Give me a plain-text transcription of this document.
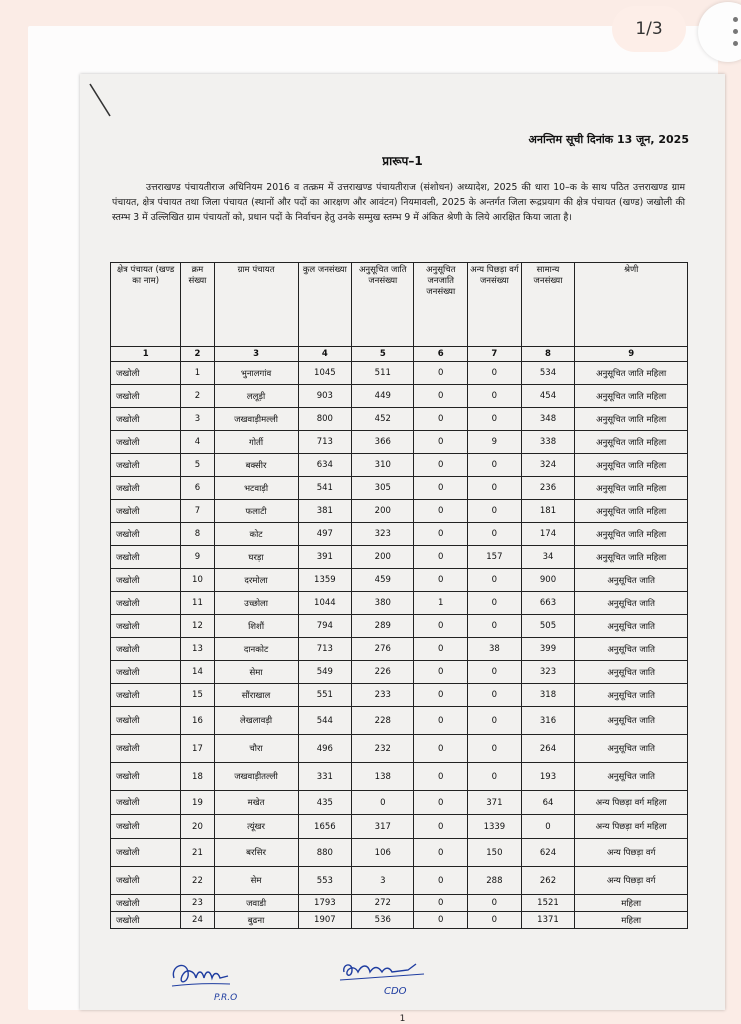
अनन्तिम सूची दिनांक 13 जून, 2025
प्रारूप–1
उत्तराखण्ड पंचायतीराज अधिनियम 2016 व तत्क्रम में उत्तराखण्ड पंचायतीराज (संशोधन) अध्यादेश, 2025 की धारा 10–क के साथ पठित उत्तराखण्ड ग्राम पंचायत, क्षेत्र पंचायत तथा जिला पंचायत (स्थानों और पदों का आरक्षण और आवंटन) नियमावली, 2025 के अन्तर्गत जिला रूद्रप्रयाग की क्षेत्र पंचायत (खण्ड) जखोली की स्तम्भ 3 में उल्लिखित ग्राम पंचायतों को, प्रधान पदों के निर्वाचन हेतु उनके सम्मुख स्तम्भ 9 में अंकित श्रेणी के लिये आरक्षित किया जाता है।
क्षेत्र पंचायत (खण्ड का नाम)	क्रम संख्या	ग्राम पंचायत	कुल जनसंख्या	अनुसूचित जाति जनसंख्या	अनुसूचित जनजाति जनसंख्या	अन्य पिछड़ा वर्ग जनसंख्या	सामान्य जनसंख्या	श्रेणी
1	2	3	4	5	6	7	8	9
जखोली	1	भुनालगांव	1045	511	0	0	534	अनुसूचित जाति महिला
जखोली	2	ललूड़ी	903	449	0	0	454	अनुसूचित जाति महिला
जखोली	3	जखवाड़ीमल्ली	800	452	0	0	348	अनुसूचित जाति महिला
जखोली	4	गोर्ती	713	366	0	9	338	अनुसूचित जाति महिला
जखोली	5	बक्सीर	634	310	0	0	324	अनुसूचित जाति महिला
जखोली	6	भटवाड़ी	541	305	0	0	236	अनुसूचित जाति महिला
जखोली	7	फलाटी	381	200	0	0	181	अनुसूचित जाति महिला
जखोली	8	कोट	497	323	0	0	174	अनुसूचित जाति महिला
जखोली	9	घरड़ा	391	200	0	157	34	अनुसूचित जाति महिला
जखोली	10	दरमोला	1359	459	0	0	900	अनुसूचित जाति
जखोली	11	उच्छोला	1044	380	1	0	663	अनुसूचित जाति
जखोली	12	शिशौं	794	289	0	0	505	अनुसूचित जाति
जखोली	13	दानकोट	713	276	0	38	399	अनुसूचित जाति
जखोली	14	सेमा	549	226	0	0	323	अनुसूचित जाति
जखोली	15	सौंराखाल	551	233	0	0	318	अनुसूचित जाति
जखोली	16	लेखलावड़ी	544	228	0	0	316	अनुसूचित जाति
जखोली	17	चौरा	496	232	0	0	264	अनुसूचित जाति
जखोली	18	जखवाड़ीतल्ली	331	138	0	0	193	अनुसूचित जाति
जखोली	19	मखेत	435	0	0	371	64	अन्य पिछड़ा वर्ग महिला
जखोली	20	त्यूंखर	1656	317	0	1339	0	अन्य पिछड़ा वर्ग महिला
जखोली	21	बरसिर	880	106	0	150	624	अन्य पिछड़ा वर्ग
जखोली	22	सेम	553	3	0	288	262	अन्य पिछड़ा वर्ग
जखोली	23	जवाडी	1793	272	0	0	1521	महिला
जखोली	24	बुढना	1907	536	0	0	1371	महिला
P.R.O
CDO
1
1/3
